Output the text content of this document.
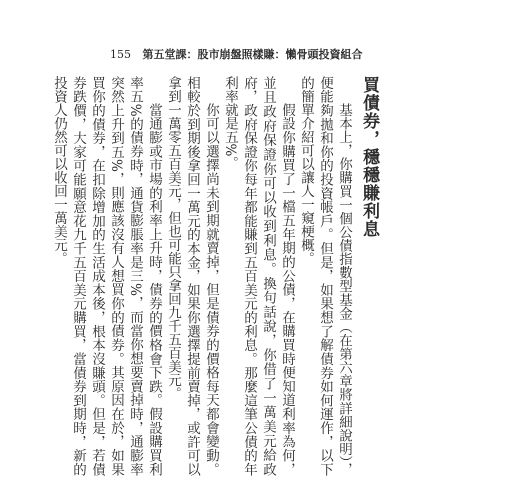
155 第五堂課：股市崩盤照樣賺：懶骨頭投資組合
買債券，穩穩賺利息

基本上，你購買一個公債指數型基金（在第六章將詳細說明），便能夠拋和你的投資帳戶。但是，如果想了解債券如何運作，以下的簡單介紹可以讓人一窺梗概。

假設你購買了一檔五年期的公債，在購買時便知道利率為何，並且政府保證你可以收到利息。換句話說，你借了一萬美元給政府，政府保證你每年都能賺到五百美元的利息。那麼這筆公債的年利率就是五%。

你可以選擇尚未到期就賣掉，但是債券的價格每天都會變動。相較於到期後拿回一萬元的本金，如果你選擇提前賣掉，或許可以拿到一萬零五百美元，但也可能只拿回九千五百美元。

當通膨或市場的利率上升時，債券的價格會下跌。假設購買利率五%的債券時，通貨膨脹率是三%，而當你想要賣掉時，通膨率突然上升到五%，則應該沒有人想買你的債券。其原因在於，如果買你的債券，在扣除增加的生活成本後，根本沒賺頭。但是，若債券跌價，大家可能願意花九千五百美元購買，當債券到期時，新的投資人仍然可以收回一萬美元。
